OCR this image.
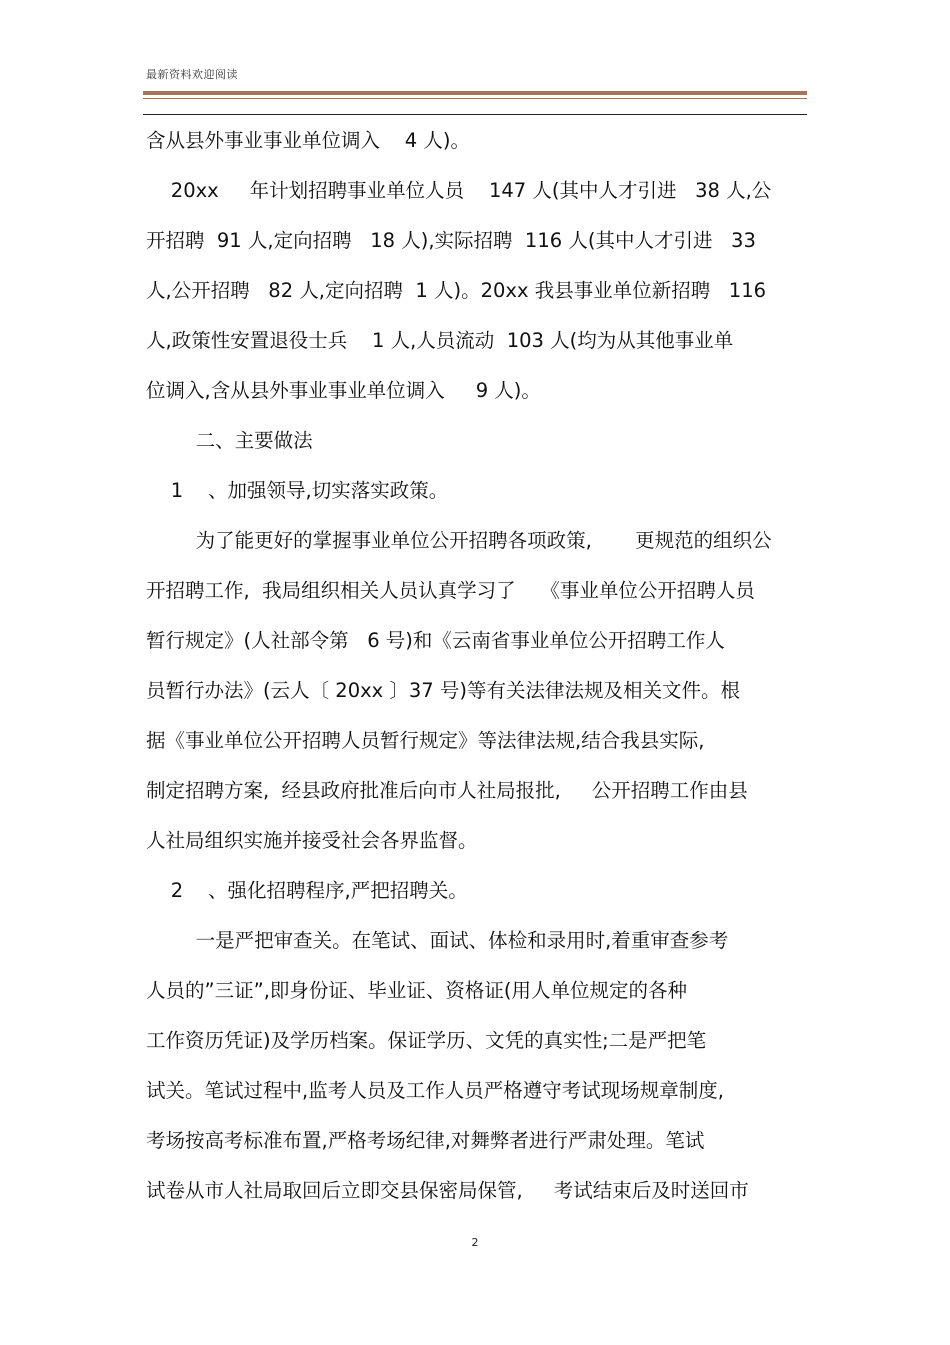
最新资料欢迎阅读
含从县外事业事业单位调入    4 人)。
20xx     年计划招聘事业单位人员    147 人(其中人才引进   38 人,公
开招聘  91 人,定向招聘   18 人),实际招聘  116 人(其中人才引进   33
人,公开招聘   82 人,定向招聘  1 人)。20xx 我县事业单位新招聘   116
人,政策性安置退役士兵    1 人,人员流动  103 人(均为从其他事业单
位调入,含从县外事业事业单位调入     9 人)。
二、主要做法
1    、加强领导,切实落实政策。
为了能更好的掌握事业单位公开招聘各项政策,       更规范的组织公
开招聘工作,  我局组织相关人员认真学习了    《事业单位公开招聘人员
暂行规定》(人社部令第   6 号)和《云南省事业单位公开招聘工作人
员暂行办法》(云人〔 20xx 〕37 号)等有关法律法规及相关文件。根
据《事业单位公开招聘人员暂行规定》等法律法规,结合我县实际,
制定招聘方案,  经县政府批准后向市人社局报批,     公开招聘工作由县
人社局组织实施并接受社会各界监督。
2    、强化招聘程序,严把招聘关。
一是严把审查关。在笔试、面试、体检和录用时,着重审查参考
人员的”三证”,即身份证、毕业证、资格证(用人单位规定的各种
工作资历凭证)及学历档案。保证学历、文凭的真实性;二是严把笔
试关。笔试过程中,监考人员及工作人员严格遵守考试现场规章制度,
考场按高考标准布置,严格考场纪律,对舞弊者进行严肃处理。笔试
试卷从市人社局取回后立即交县保密局保管,     考试结束后及时送回市
2
